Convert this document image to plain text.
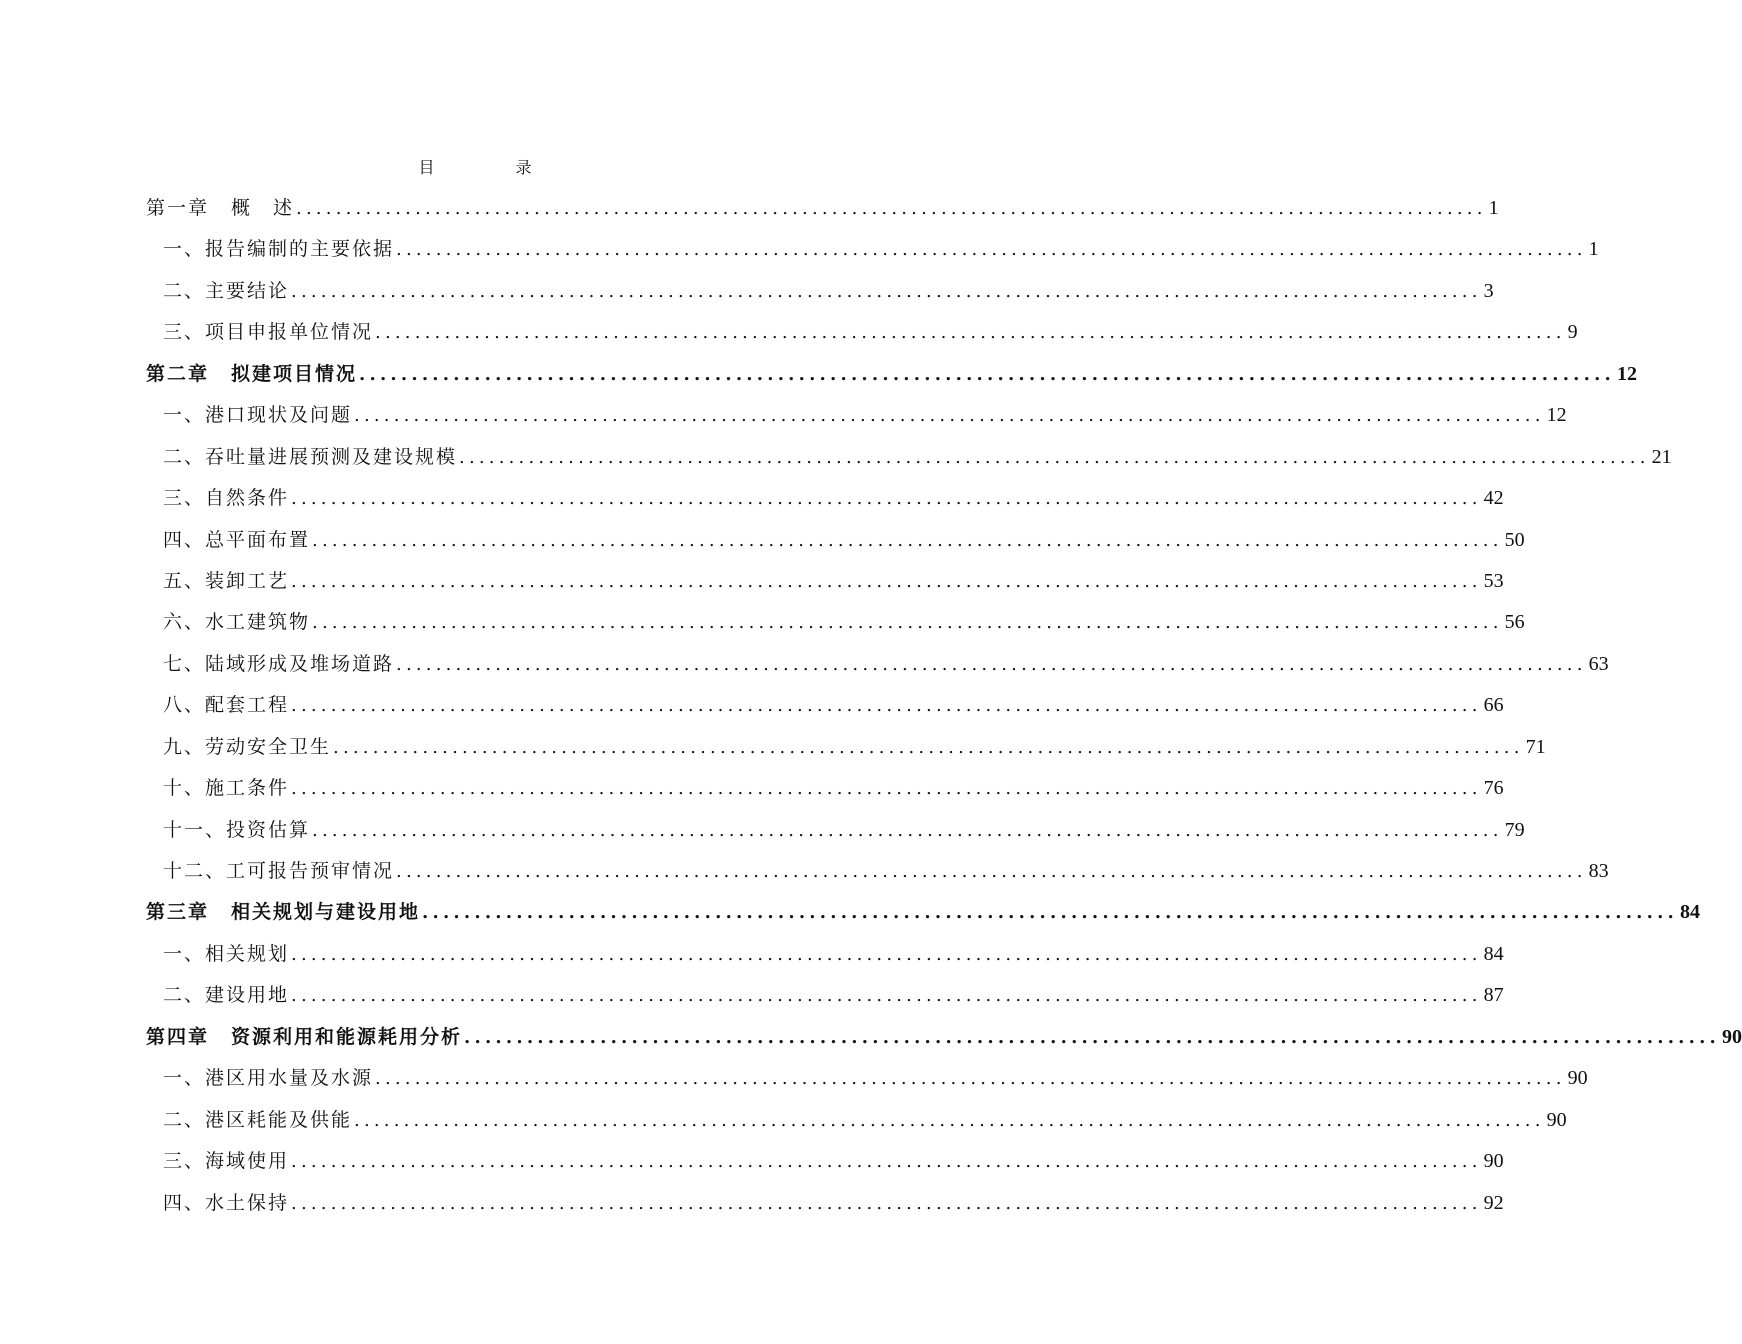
目 录
第一章 概　述 ........................................................................................................................ 1
一、报告编制的主要依据 ........................................................................................................................ 1
二、主要结论 ........................................................................................................................ 3
三、项目申报单位情况 ........................................................................................................................ 9
第二章 拟建项目情况 ........................................................................................................................ 12
一、港口现状及问题 ........................................................................................................................ 12
二、吞吐量进展预测及建设规模 ........................................................................................................................ 21
三、自然条件 ........................................................................................................................ 42
四、总平面布置 ........................................................................................................................ 50
五、装卸工艺 ........................................................................................................................ 53
六、水工建筑物 ........................................................................................................................ 56
七、陆域形成及堆场道路 ........................................................................................................................ 63
八、配套工程 ........................................................................................................................ 66
九、劳动安全卫生 ........................................................................................................................ 71
十、施工条件 ........................................................................................................................ 76
十一、投资估算 ........................................................................................................................ 79
十二、工可报告预审情况 ........................................................................................................................ 83
第三章 相关规划与建设用地 ........................................................................................................................ 84
一、相关规划 ........................................................................................................................ 84
二、建设用地 ........................................................................................................................ 87
第四章 资源利用和能源耗用分析 ........................................................................................................................ 90
一、港区用水量及水源 ........................................................................................................................ 90
二、港区耗能及供能 ........................................................................................................................ 90
三、海域使用 ........................................................................................................................ 90
四、水土保持 ........................................................................................................................ 92
